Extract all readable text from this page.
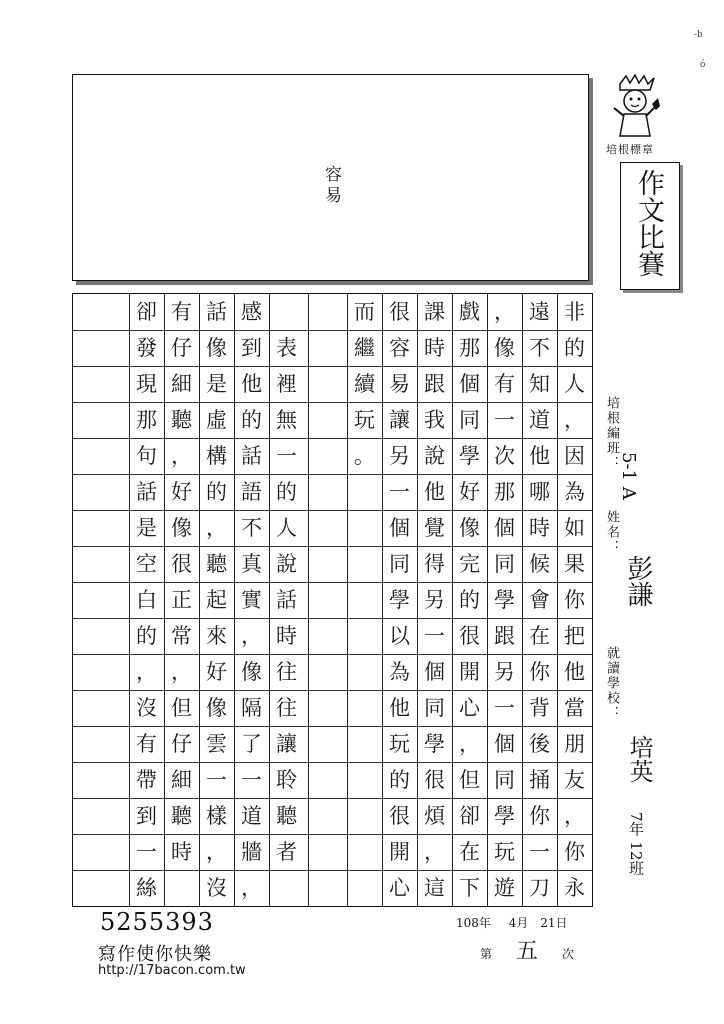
-b
ó
培根標章
容易	作文比賽
非
的
人
，
因
為
如
果
你
把
他
當
朋
友
，
你
永
遠
不
知
道
他
哪
時
候
會
在
你
背
後
捅
你
一
刀
，
像
有
一
次
那
個
同
學
跟
另
一
個
同
學
玩
遊
戲
那
個
同
學
好
像
完
的
很
開
心
，
但
卻
在
下
課
時
跟
我
說
他
覺
得
另
一
個
同
學
很
煩
，
這
很
容
易
讓
另
一
個
同
學
以
為
他
玩
的
很
開
心
而
繼
續
玩
。
表
裡
無
一
的
人
說
話
時
往
往
讓
聆
聽
者
感
到
他
的
話
語
不
真
實
，
像
隔
了
一
道
牆
，
話
像
是
虛
構
的
，
聽
起
來
好
像
雲
一
樣
，
沒
有
仔
細
聽
，
好
像
很
正
常
，
但
仔
細
聽
時
卻
發
現
那
句
話
是
空
白
的
，
沒
有
帶
到
一
絲
培根編班：
5-1 A
姓名：
彭謙
就讀學校：
培英
7年 12班
108年 4月 21日
第 五 次
5255393
寫作使你快樂
http://17bacon.com.tw
